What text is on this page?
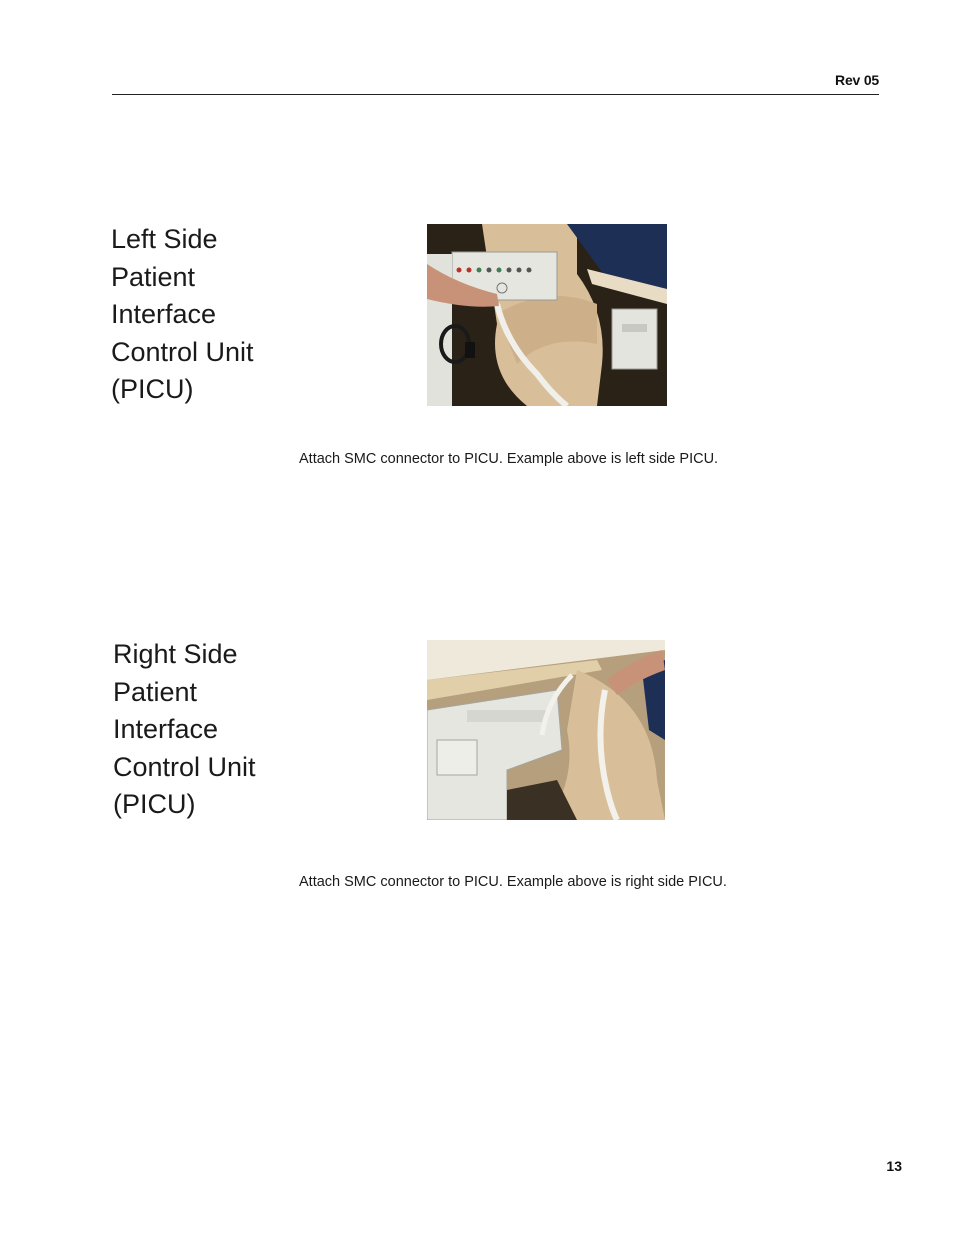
Rev 05
Left Side
Patient
Interface
Control Unit
(PICU)
Attach SMC connector to PICU. Example above is left side PICU.
Right Side
Patient
Interface
Control Unit
(PICU)
Attach SMC connector to PICU. Example above is right side PICU.
13
